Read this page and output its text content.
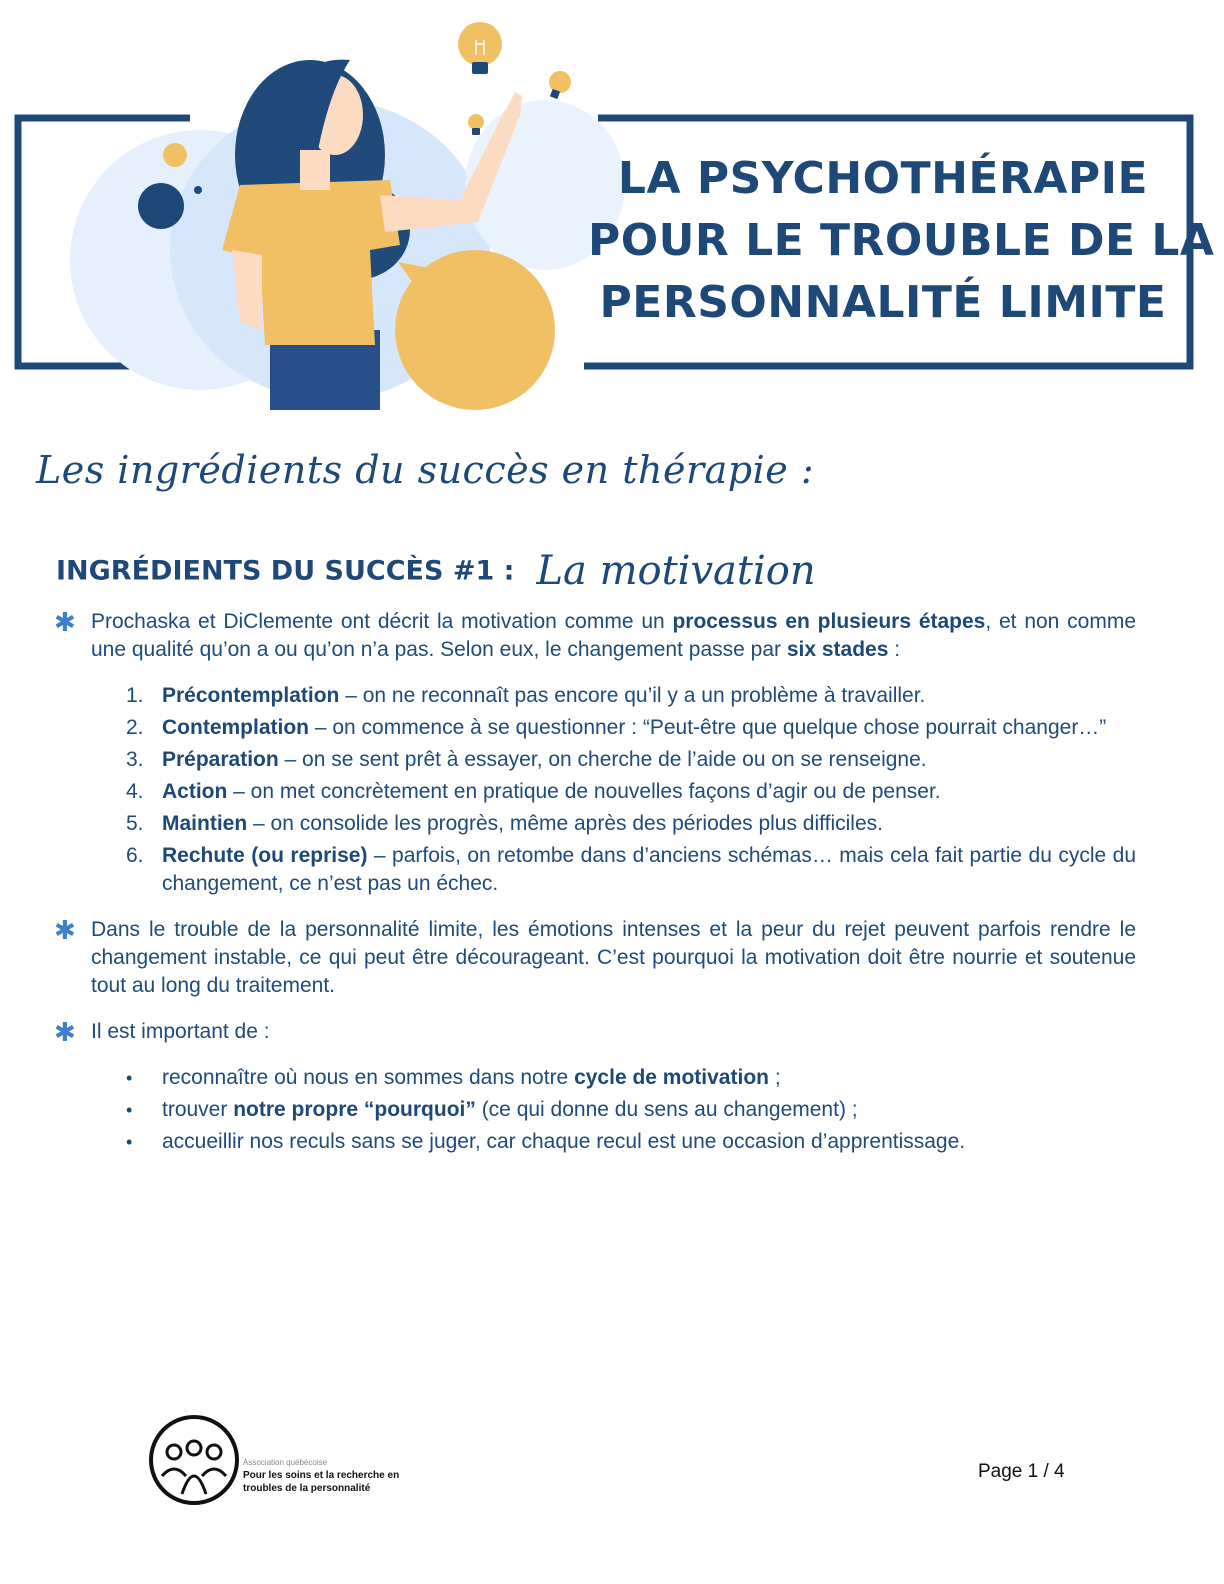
LA PSYCHOTHÉRAPIE
POUR LE TROUBLE DE LA
PERSONNALITÉ LIMITE
Les ingrédients du succès en thérapie :
INGRÉDIENTS DU SUCCÈS #1 : La motivation
✱ Prochaska et DiClemente ont décrit la motivation comme un processus en plusieurs étapes, et non comme une qualité qu’on a ou qu’on n’a pas. Selon eux, le changement passe par six stades :
1. Précontemplation – on ne reconnaît pas encore qu’il y a un problème à travailler.
2. Contemplation – on commence à se questionner : “Peut-être que quelque chose pourrait changer…”
3. Préparation – on se sent prêt à essayer, on cherche de l’aide ou on se renseigne.
4. Action – on met concrètement en pratique de nouvelles façons d’agir ou de penser.
5. Maintien – on consolide les progrès, même après des périodes plus difficiles.
6. Rechute (ou reprise) – parfois, on retombe dans d’anciens schémas… mais cela fait partie du cycle du changement, ce n’est pas un échec.
✱ Dans le trouble de la personnalité limite, les émotions intenses et la peur du rejet peuvent parfois rendre le changement instable, ce qui peut être décourageant. C’est pourquoi la motivation doit être nourrie et soutenue tout au long du traitement.
✱ Il est important de :
• reconnaître où nous en sommes dans notre cycle de motivation ;
• trouver notre propre “pourquoi” (ce qui donne du sens au changement) ;
• accueillir nos reculs sans se juger, car chaque recul est une occasion d’apprentissage.
Association québécoise
Pour les soins et la recherche en
troubles de la personnalité
Page 1 / 4
